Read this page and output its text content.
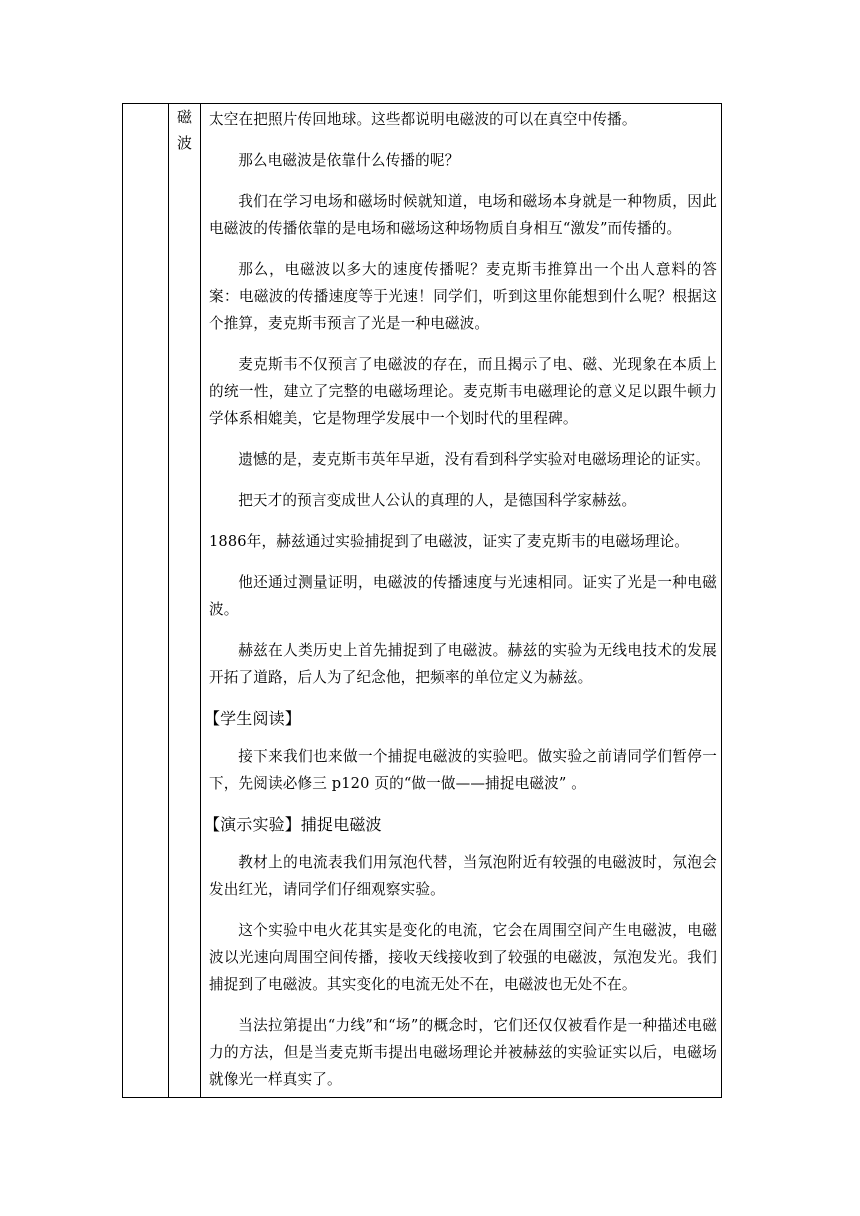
磁
波

太空在把照片传回地球。这些都说明电磁波的可以在真空中传播。

那么电磁波是依靠什么传播的呢？

我们在学习电场和磁场时候就知道，电场和磁场本身就是一种物质，因此电磁波的传播依靠的是电场和磁场这种场物质自身相互“激发”而传播的。

那么，电磁波以多大的速度传播呢？麦克斯韦推算出一个出人意料的答案：电磁波的传播速度等于光速！同学们，听到这里你能想到什么呢？根据这个推算，麦克斯韦预言了光是一种电磁波。

麦克斯韦不仅预言了电磁波的存在，而且揭示了电、磁、光现象在本质上的统一性，建立了完整的电磁场理论。麦克斯韦电磁理论的意义足以跟牛顿力学体系相媲美，它是物理学发展中一个划时代的里程碑。

遗憾的是，麦克斯韦英年早逝，没有看到科学实验对电磁场理论的证实。

把天才的预言变成世人公认的真理的人，是德国科学家赫兹。

1886年，赫兹通过实验捕捉到了电磁波，证实了麦克斯韦的电磁场理论。

他还通过测量证明，电磁波的传播速度与光速相同。证实了光是一种电磁波。

赫兹在人类历史上首先捕捉到了电磁波。赫兹的实验为无线电技术的发展开拓了道路，后人为了纪念他，把频率的单位定义为赫兹。

【学生阅读】

接下来我们也来做一个捕捉电磁波的实验吧。做实验之前请同学们暂停一下，先阅读必修三 p120 页的“做一做——捕捉电磁波” 。

【演示实验】捕捉电磁波

教材上的电流表我们用氖泡代替，当氖泡附近有较强的电磁波时，氖泡会发出红光，请同学们仔细观察实验。

这个实验中电火花其实是变化的电流，它会在周围空间产生电磁波，电磁波以光速向周围空间传播，接收天线接收到了较强的电磁波，氖泡发光。我们捕捉到了电磁波。其实变化的电流无处不在，电磁波也无处不在。

当法拉第提出“力线”和“场”的概念时，它们还仅仅被看作是一种描述电磁力的方法，但是当麦克斯韦提出电磁场理论并被赫兹的实验证实以后，电磁场就像光一样真实了。
